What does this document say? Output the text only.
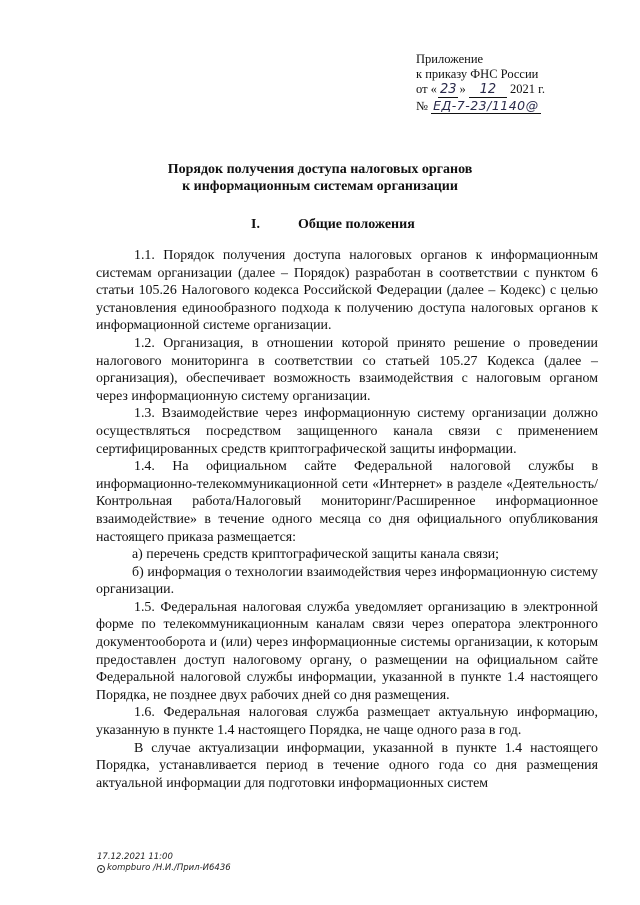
Приложение
к приказу ФНС России
от « 23 » 12 2021 г.
№ ЕД-7-23/1140@
Порядок получения доступа налоговых органов
к информационным системам организации
I.	Общие положения

1.1. Порядок получения доступа налоговых органов к информационным системам организации (далее – Порядок) разработан в соответствии с пунктом 6 статьи 105.26 Налогового кодекса Российской Федерации (далее – Кодекс) с целью установления единообразного подхода к получению доступа налоговых органов к информационной системе организации.

1.2. Организация, в отношении которой принято решение о проведении налогового мониторинга в соответствии со статьей 105.27 Кодекса (далее – организация), обеспечивает возможность взаимодействия с налоговым органом через информационную систему организации.

1.3. Взаимодействие через информационную систему организации должно осуществляться посредством защищенного канала связи с применением сертифицированных средств криптографической защиты информации.

1.4. На официальном сайте Федеральной налоговой службы в информационно-телекоммуникационной сети «Интернет» в разделе «Деятельность/Контрольная работа/Налоговый мониторинг/Расширенное информационное взаимодействие» в течение одного месяца со дня официального опубликования настоящего приказа размещается:

а) перечень средств криптографической защиты канала связи;

б) информация о технологии взаимодействия через информационную систему организации.

1.5. Федеральная налоговая служба уведомляет организацию в электронной форме по телекоммуникационным каналам связи через оператора электронного документооборота и (или) через информационные системы организации, к которым предоставлен доступ налоговому органу, о размещении на официальном сайте Федеральной налоговой службы информации, указанной в пункте 1.4 настоящего Порядка, не позднее двух рабочих дней со дня размещения.

1.6. Федеральная налоговая служба размещает актуальную информацию, указанную в пункте 1.4 настоящего Порядка, не чаще одного раза в год.

В случае актуализации информации, указанной в пункте 1.4 настоящего Порядка, устанавливается период в течение одного года со дня размещения актуальной информации для подготовки информационных систем

17.12.2021 11:00
kompburo /Н.И./Прил-И6436
